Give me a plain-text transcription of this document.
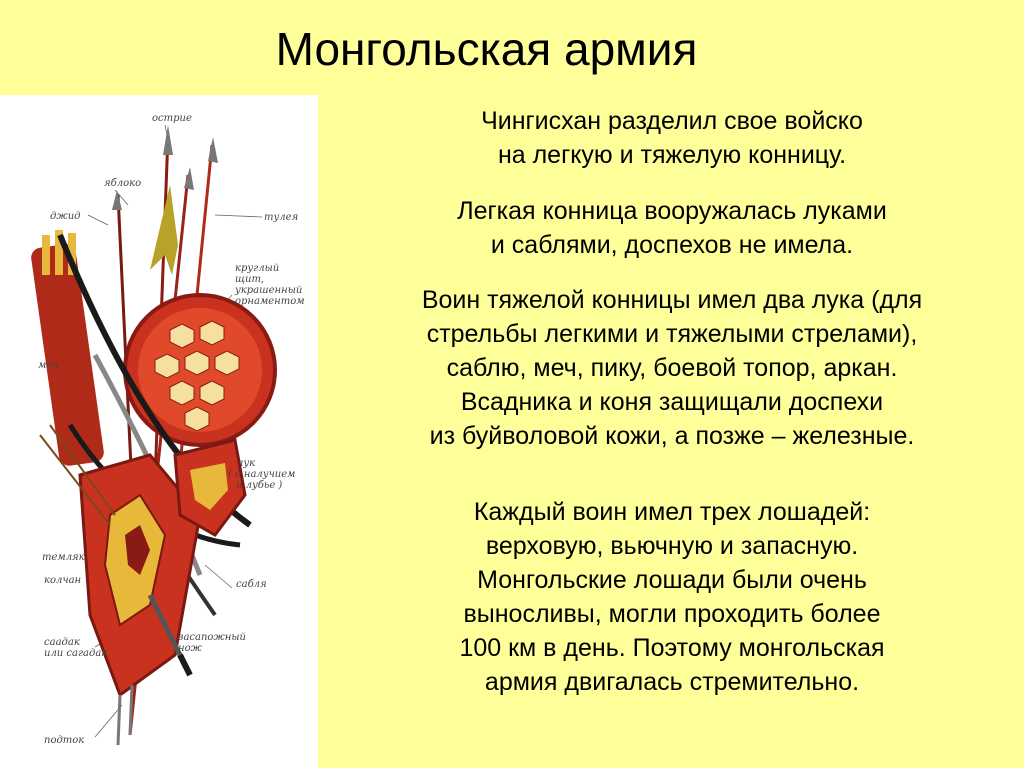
Монгольская армия
острие
яблоко
джид	тулея
круглый
щит,
украшенный
орнаментом
меч
лук
( с налучием
и лубье )
темляк
колчан	сабля
саадак
или сагадак
засапожный
нож
подток
Чингисхан разделил свое войско
на легкую и тяжелую конницу.
Легкая конница вооружалась луками
и саблями, доспехов не имела.
Воин тяжелой конницы имел два лука (для
стрельбы легкими и тяжелыми стрелами),
саблю, меч, пику, боевой топор, аркан.
Всадника и коня защищали доспехи
из буйволовой кожи, а позже – железные.
Каждый воин имел трех лошадей:
верховую, вьючную и запасную.
Монгольские лошади были очень
выносливы, могли проходить более
100 км в день. Поэтому монгольская
армия двигалась стремительно.
